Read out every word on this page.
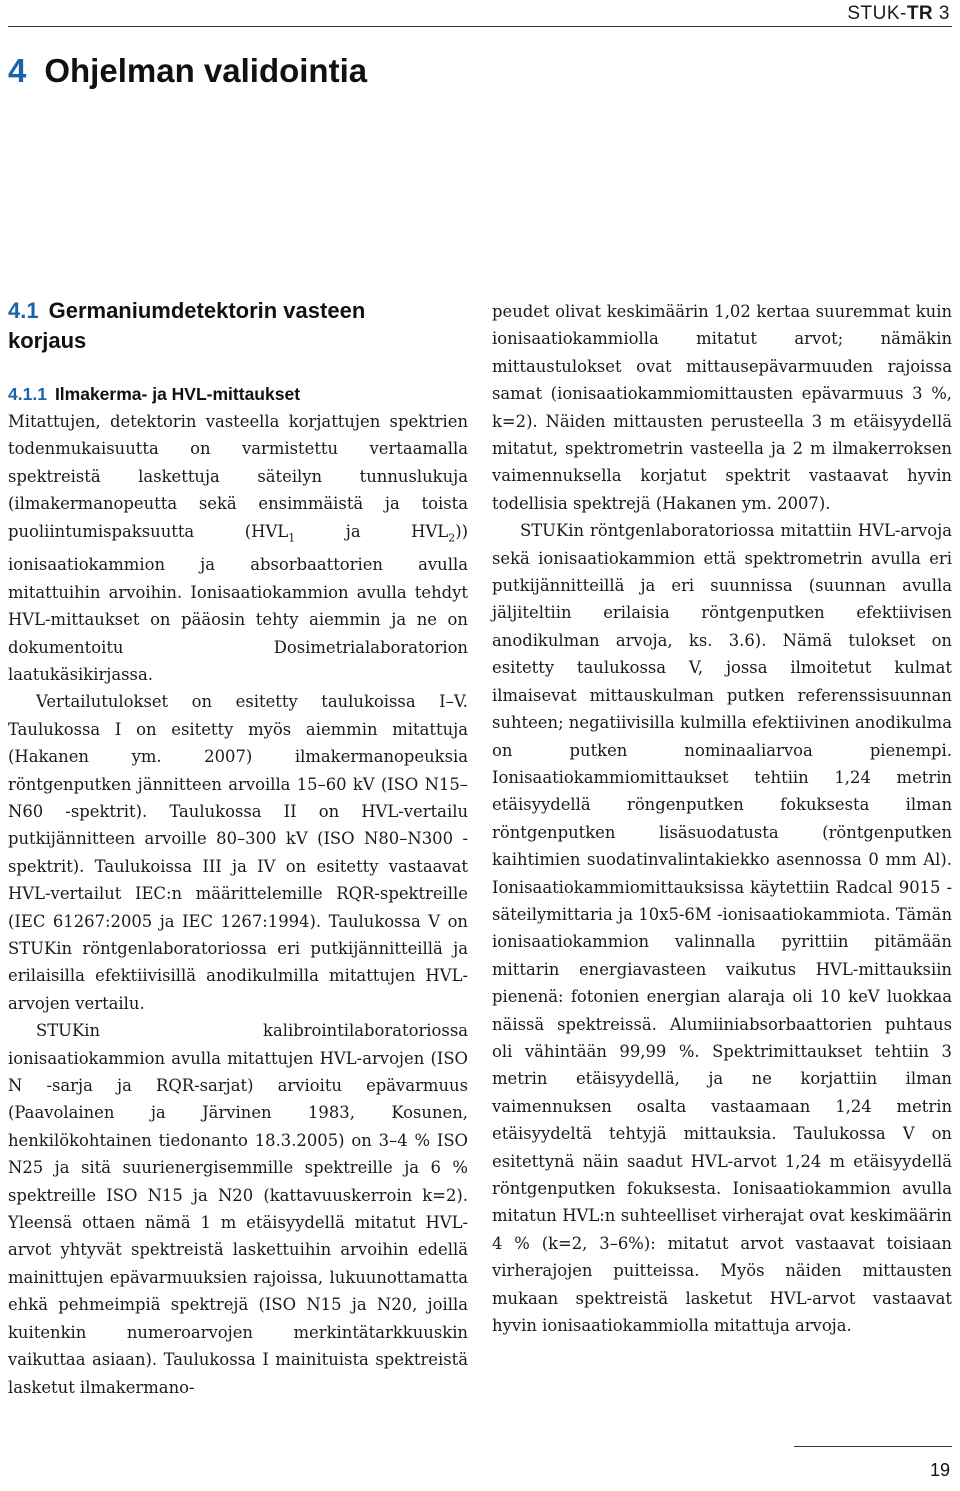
STUK-TR 3
4 Ohjelman validointia
4.1 Germaniumdetektorin vasteen korjaus
4.1.1 Ilmakerma- ja HVL-mittaukset

Mitattujen, detektorin vasteella korjattujen spektrien todenmukaisuutta on varmistettu vertaamalla spektreistä laskettuja säteilyn tunnuslukuja (ilmakermanopeutta sekä ensimmäistä ja toista puoliintumispaksuutta ($HVL_1$ ja $HVL_2$)) ionisaatiokammion ja absorbaattorien avulla mitattuihin arvoihin. Ionisaatiokammion avulla tehdyt HVL-mittaukset on pääosin tehty aiemmin ja ne on dokumentoitu Dosimetrialaboratorion laatukäsikirjassa.

Vertailutulokset on esitetty taulukoissa I–V. Taulukossa I on esitetty myös aiemmin mitattuja (Hakanen ym. 2007) ilmakermanopeuksia röntgenputken jännitteen arvoilla 15–60 kV (ISO N15–N60 -spektrit). Taulukossa II on HVL-vertailu putkijännitteen arvoille 80–300 kV (ISO N80–N300 -spektrit). Taulukoissa III ja IV on esitetty vastaavat HVL-vertailut IEC:n määrittelemille RQR-spektreille (IEC 61267:2005 ja IEC 1267:1994). Taulukossa V on STUKin röntgenlaboratoriossa eri putkijännitteillä ja erilaisilla efektiivisillä anodikulmilla mitattujen HVL-arvojen vertailu.

STUKin kalibrointilaboratoriossa ionisaatiokammion avulla mitattujen HVL-arvojen (ISO N -sarja ja RQR-sarjat) arvioitu epävarmuus (Paavolainen ja Järvinen 1983, Kosunen, henkilökohtainen tiedonanto 18.3.2005) on 3–4 % ISO N25 ja sitä suurienergisemmille spektreille ja 6 % spektreille ISO N15 ja N20 (kattavuuskerroin k=2). Yleensä ottaen nämä 1 m etäisyydellä mitatut HVL-arvot yhtyvät spektreistä laskettuihin arvoihin edellä mainittujen epävarmuuksien rajoissa, lukuunottamatta ehkä pehmeimpiä spektrejä (ISO N15 ja N20, joilla kuitenkin numeroarvojen merkintätarkkuuskin vaikuttaa asiaan). Taulukossa I mainituista spektreistä lasketut ilmakermano-

peudet olivat keskimäärin 1,02 kertaa suuremmat kuin ionisaatiokammiolla mitatut arvot; nämäkin mittaustulokset ovat mittausepävarmuuden rajoissa samat (ionisaatiokammiomittausten epävarmuus 3 %, k=2). Näiden mittausten perusteella 3 m etäisyydellä mitatut, spektrometrin vasteella ja 2 m ilmakerroksen vaimennuksella korjatut spektrit vastaavat hyvin todellisia spektrejä (Hakanen ym. 2007).

STUKin röntgenlaboratoriossa mitattiin HVL-arvoja sekä ionisaatiokammion että spektrometrin avulla eri putkijännitteillä ja eri suunnissa (suunnan avulla jäljiteltiin erilaisia röntgenputken efektiivisen anodikulman arvoja, ks. 3.6). Nämä tulokset on esitetty taulukossa V, jossa ilmoitetut kulmat ilmaisevat mittauskulman putken referenssisuunnan suhteen; negatiivisilla kulmilla efektiivinen anodikulma on putken nominaaliarvoa pienempi. Ionisaatiokammiomittaukset tehtiin 1,24 metrin etäisyydellä röngenputken fokuksesta ilman röntgenputken lisäsuodatusta (röntgenputken kaihtimien suodatinvalintakiekko asennossa 0 mm Al). Ionisaatiokammiomittauksissa käytettiin Radcal 9015 -säteilymittaria ja 10x5-6M -ionisaatiokammiota. Tämän ionisaatiokammion valinnalla pyrittiin pitämään mittarin energiavasteen vaikutus HVL-mittauksiin pienenä: fotonien energian alaraja oli 10 keV luokkaa näissä spektreissä. Alumiiniabsorbaattorien puhtaus oli vähintään 99,99 %. Spektrimittaukset tehtiin 3 metrin etäisyydellä, ja ne korjattiin ilman vaimennuksen osalta vastaamaan 1,24 metrin etäisyydeltä tehtyjä mittauksia. Taulukossa V on esitettynä näin saadut HVL-arvot 1,24 m etäisyydellä röntgenputken fokuksesta. Ionisaatiokammion avulla mitatun HVL:n suhteelliset virherajat ovat keskimäärin 4 % (k=2, 3–6%): mitatut arvot vastaavat toisiaan virherajojen puitteissa. Myös näiden mittausten mukaan spektreistä lasketut HVL-arvot vastaavat hyvin ionisaatiokammiolla mitattuja arvoja.

19
